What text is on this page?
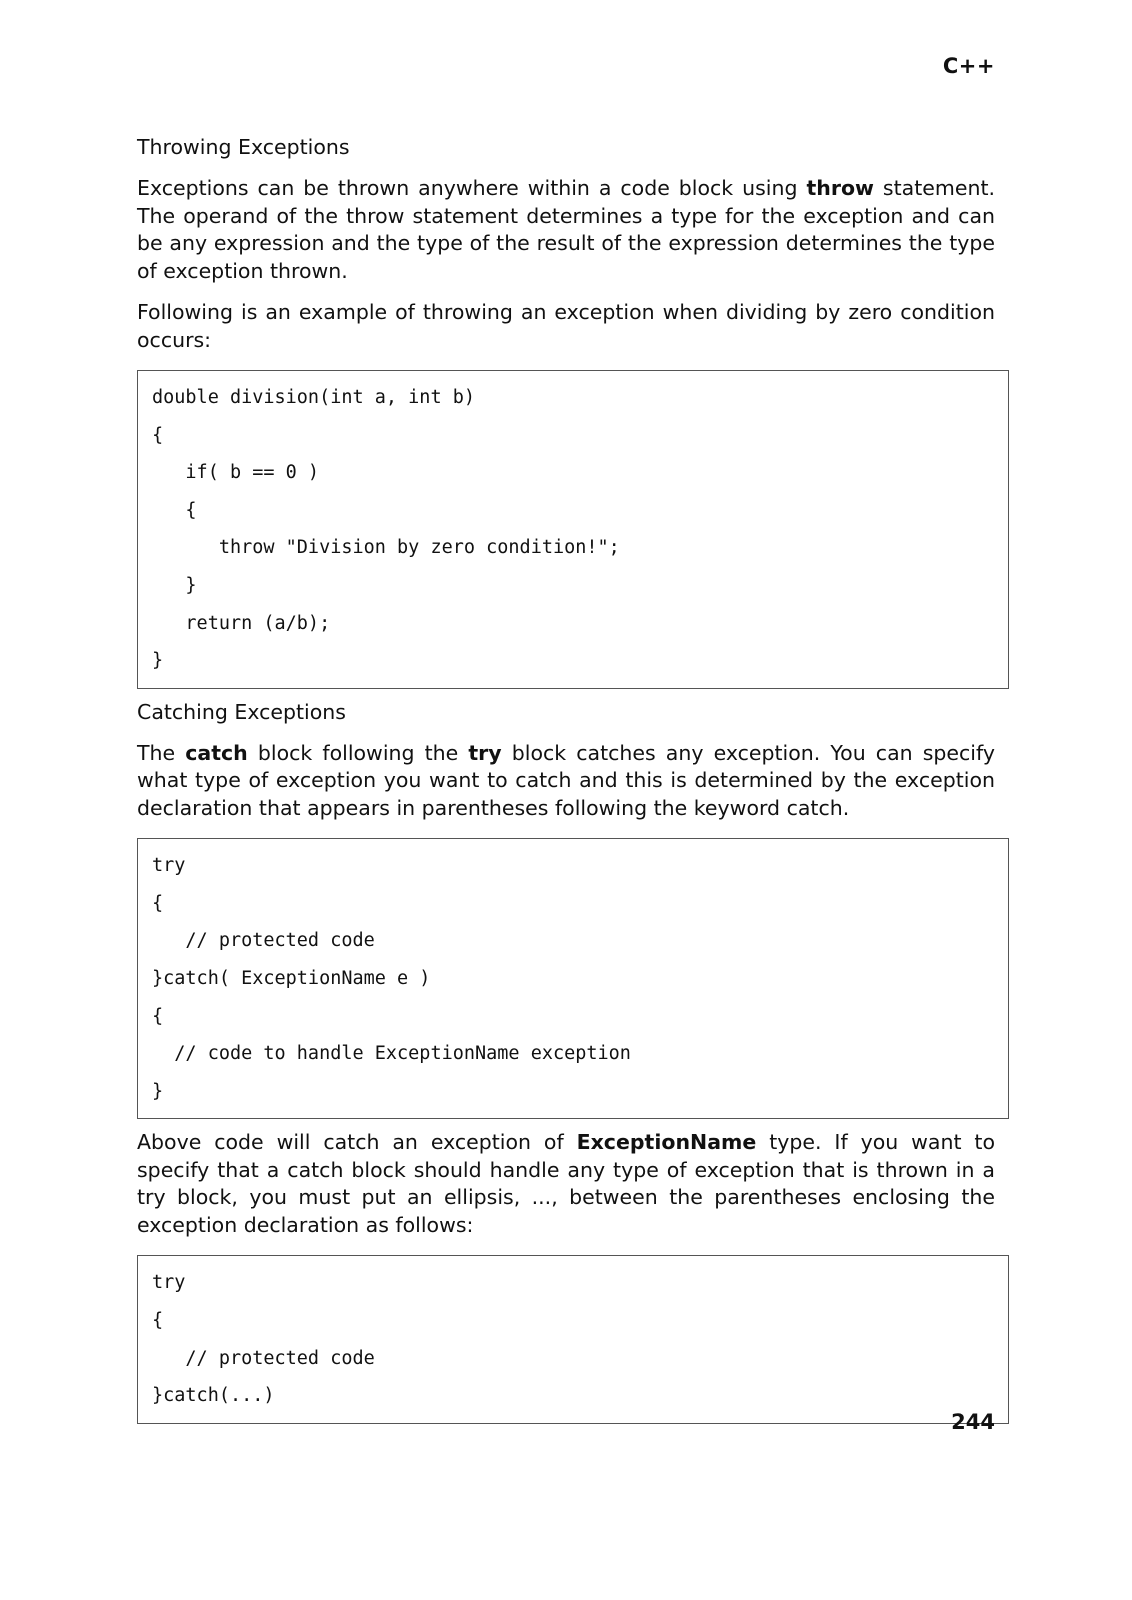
C++
Throwing Exceptions

Exceptions can be thrown anywhere within a code block using throw statement. The operand of the throw statement determines a type for the exception and can be any expression and the type of the result of the expression determines the type of exception thrown.

Following is an example of throwing an exception when dividing by zero condition occurs:

double division(int a, int b)
{
if( b == 0 )
{
throw "Division by zero condition!";
}
return (a/b);
}
Catching Exceptions

The catch block following the try block catches any exception. You can specify what type of exception you want to catch and this is determined by the exception declaration that appears in parentheses following the keyword catch.

try
{
// protected code
}catch( ExceptionName e )
{
// code to handle ExceptionName exception
}

Above code will catch an exception of ExceptionName type. If you want to specify that a catch block should handle any type of exception that is thrown in a try block, you must put an ellipsis, ..., between the parentheses enclosing the exception declaration as follows:

try
{
// protected code
}catch(...)
244
